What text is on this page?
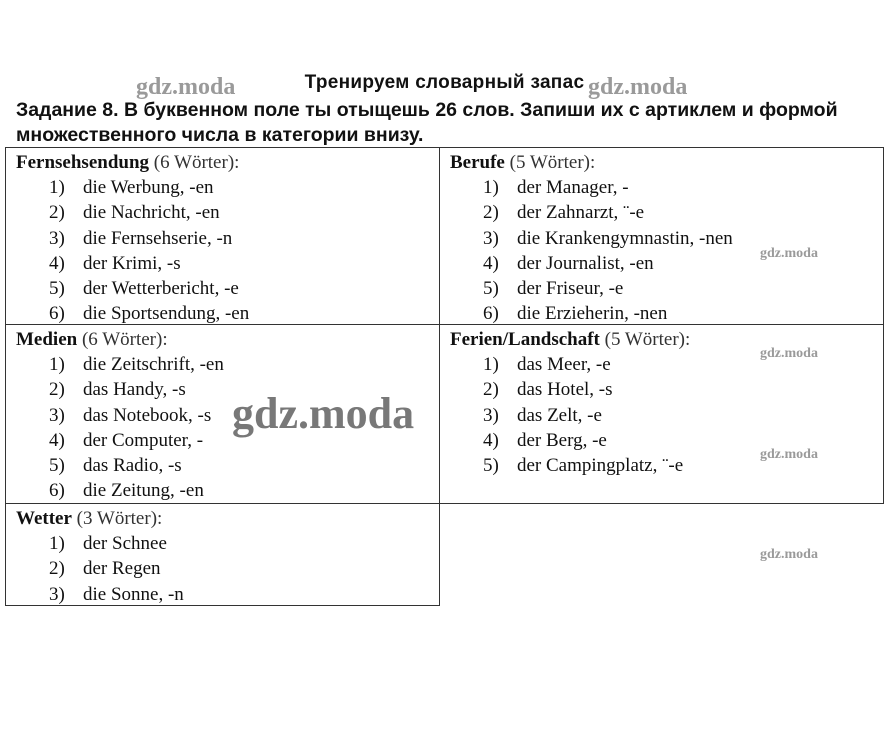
Тренируем словарный запас
Задание 8. В буквенном поле ты отыщешь 26 слов. Запиши их с артиклем и формой множественного числа в категории внизу.
Fernsehsendung (6 Wörter):
1) die Werbung, -en
2) die Nachricht, -en
3) die Fernsehserie, -n
4) der Krimi, -s
5) der Wetterbericht, -e
6) die Sportsendung, -en
Berufe (5 Wörter):
1) der Manager, -
2) der Zahnarzt, ¨-e
3) die Krankengymnastin, -nen
4) der Journalist, -en
5) der Friseur, -e
6) die Erzieherin, -nen
Medien (6 Wörter):
1) die Zeitschrift, -en
2) das Handy, -s
3) das Notebook, -s
4) der Computer, -
5) das Radio, -s
6) die Zeitung, -en
Ferien/Landschaft (5 Wörter):
1) das Meer, -e
2) das Hotel, -s
3) das Zelt, -e
4) der Berg, -e
5) der Campingplatz, ¨-e
Wetter (3 Wörter):
1) der Schnee
2) der Regen
3) die Sonne, -n
gdz.moda	gdz.moda
gdz.moda
gdz.moda
gdz.moda
gdz.moda
gdz.moda
